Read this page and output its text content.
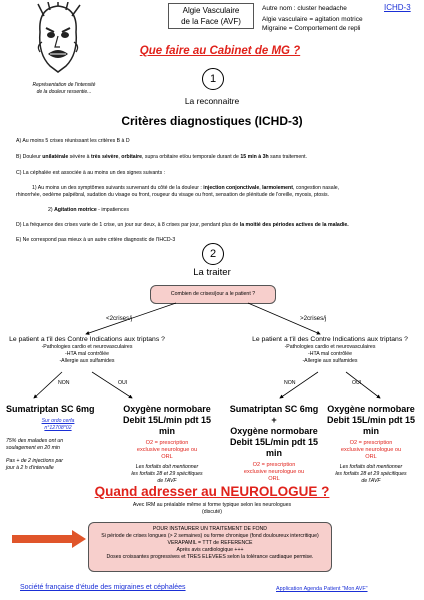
Représentation de l'intensité
de la douleur ressentie...
Algie Vasculaire
de la Face (AVF)
Autre nom : cluster headache
Algie vasculaire = agitation motrice
Migraine = Comportement de repli
ICHD-3
Que faire au Cabinet de MG ?
1
La reconnaitre
Critères diagnostiques (ICHD-3)
A) Au moins 5 crises réunissant les critères B à D
B) Douleur unilatérale sévère à très sévère, orbitaire, supra orbitaire et/ou temporale durant de 15 min à 3h sans traitement.
C) La céphalée est associée à au moins un des signes suivants :
1) Au moins un des symptômes suivants survenant du côté de la douleur : injection conjonctivale, larmoiement, congestion nasale,
rhinorrhée, oedème palpébral, sudation du visage ou front, rougeur du visage ou front, sensation de plénitude de l'oreille, myosis, ptosis.
2) Agitation motrice - impatiences
D) La fréquence des crises varie de 1 crise, un jour sur deux, à 8 crises par jour, pendant plus de la moitié des périodes actives de la maladie.
E) Ne correspond pas mieux à un autre critère diagnostic de l'IHCD-3
2
La traiter
Combien de crises/jour a le patient ?
<2crises/j	>2crises/j
Le patient a t'il des Contre Indications aux triptans ?
-Pathologies cardio et neurovasculaires
-HTA mal contrôlée
-Allergie aux sulfamides
Le patient a t'il des Contre Indications aux triptans ?
-Pathologies cardio et neurovasculaires
-HTA mal contrôlée
-Allergie aux sulfamides
NON	OUI	NON	OUI
Sumatriptan SC 6mg
Sur ordo cerfa
n°12708*02
75% des malades ont un
soulagement en 20 min
Pas + de 2 injections par
jour à 2 h d'intervalle
Oxygène normobare
Debit 15L/min pdt 15
min
O2 = prescription
exclusive neurologue ou
ORL
Les forfaits doit mentionner
les forfaits 28 et 29 spécifiques
de l'AVF
Sumatriptan SC 6mg
+
Oxygène normobare
Debit 15L/min pdt 15
min
O2 = prescription
exclusive neurologue ou
ORL
Oxygène normobare
Debit 15L/min pdt 15
min
O2 = prescription
exclusive neurologue ou
ORL
Les forfaits doit mentionner
les forfaits 28 et 29 spécifiques
de l'AVF
Quand adresser au NEUROLOGUE ?
Avec IRM au préalable même si forme typique selon les neurologues
(discuté)
POUR INSTAURER UN TRAITEMENT DE FOND
Si période de crises longues (> 2 semaines) ou forme chronique (fond douloureux intercritique)
VERAPAMIL = TTT de REFERENCE
Après avis cardiologique +++
Doses croissantes progressives et TRES ELEVEES selon la tolérance cardiaque permise.
Société française d'étude des migraines et céphalées	Application Agenda Patient "Mon AVF"
